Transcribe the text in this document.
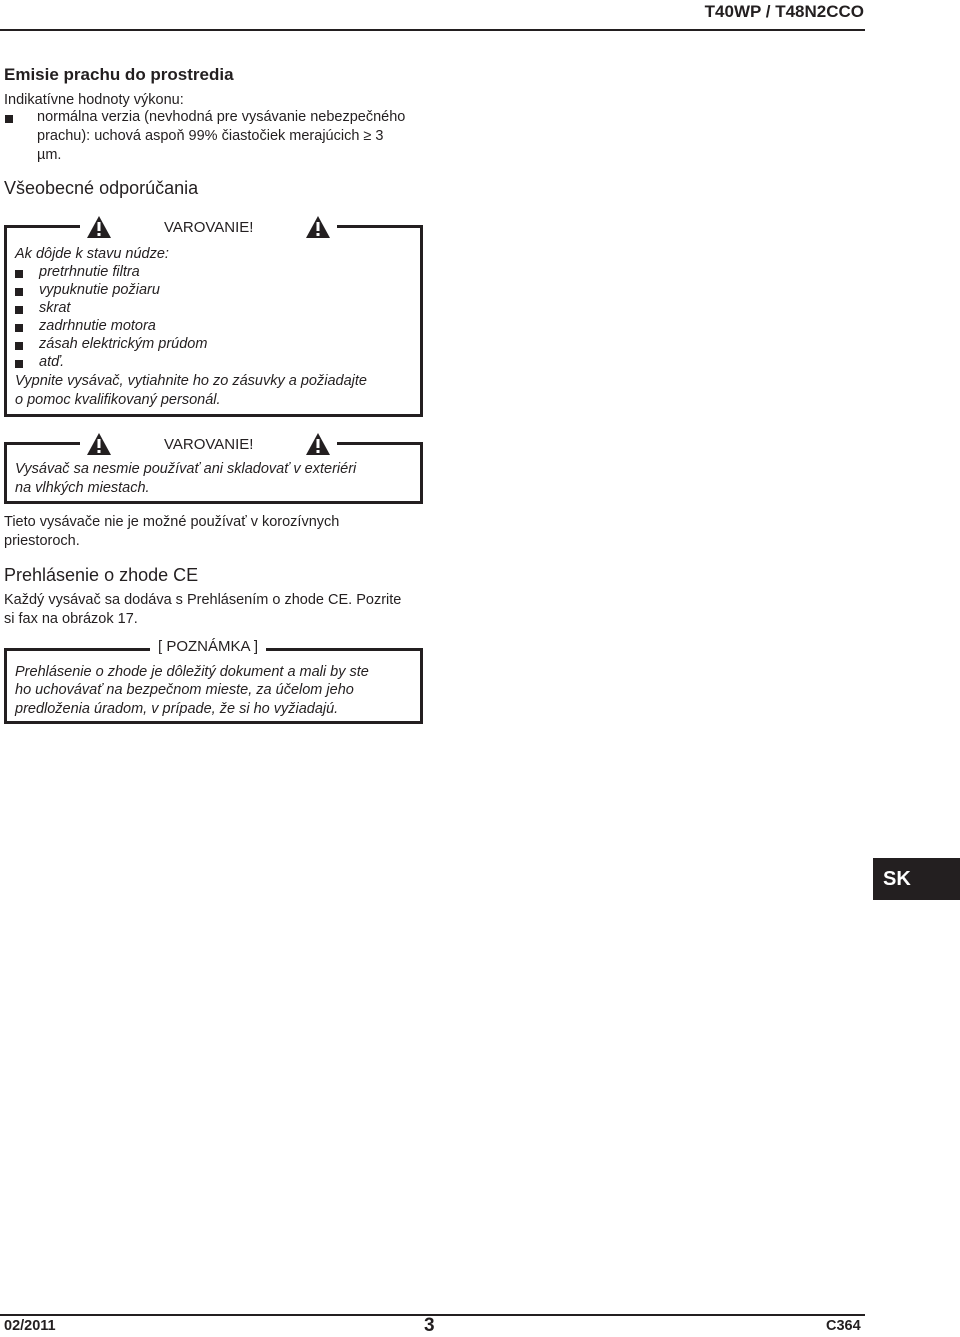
T40WP / T48N2CCO
Emisie prachu do prostredia
Indikatívne hodnoty výkonu:
normálna verzia (nevhodná pre vysávanie nebezpečného
prachu): uchová aspoň 99% čiastočiek merajúcich ≥ 3
µm.
Všeobecné odporúčania
VAROVANIE!
Ak dôjde k stavu núdze:
pretrhnutie filtra
vypuknutie požiaru
skrat
zadrhnutie motora
zásah elektrickým prúdom
atď.
Vypnite vysávač, vytiahnite ho zo zásuvky a požiadajte
o pomoc kvalifikovaný personál.
VAROVANIE!
Vysávač sa nesmie používať ani skladovať v exteriéri
na vlhkých miestach.
Tieto vysávače nie je možné používať v korozívnych
priestoroch.
Prehlásenie o zhode CE
Každý vysávač sa dodáva s Prehlásením o zhode CE. Pozrite
si fax na obrázok 17.
[ POZNÁMKA ]
Prehlásenie o zhode je dôležitý dokument a mali by ste
ho uchovávať na bezpečnom mieste, za účelom jeho
predloženia úradom, v prípade, že si ho vyžiadajú.
SK
02/2011	3	C364
